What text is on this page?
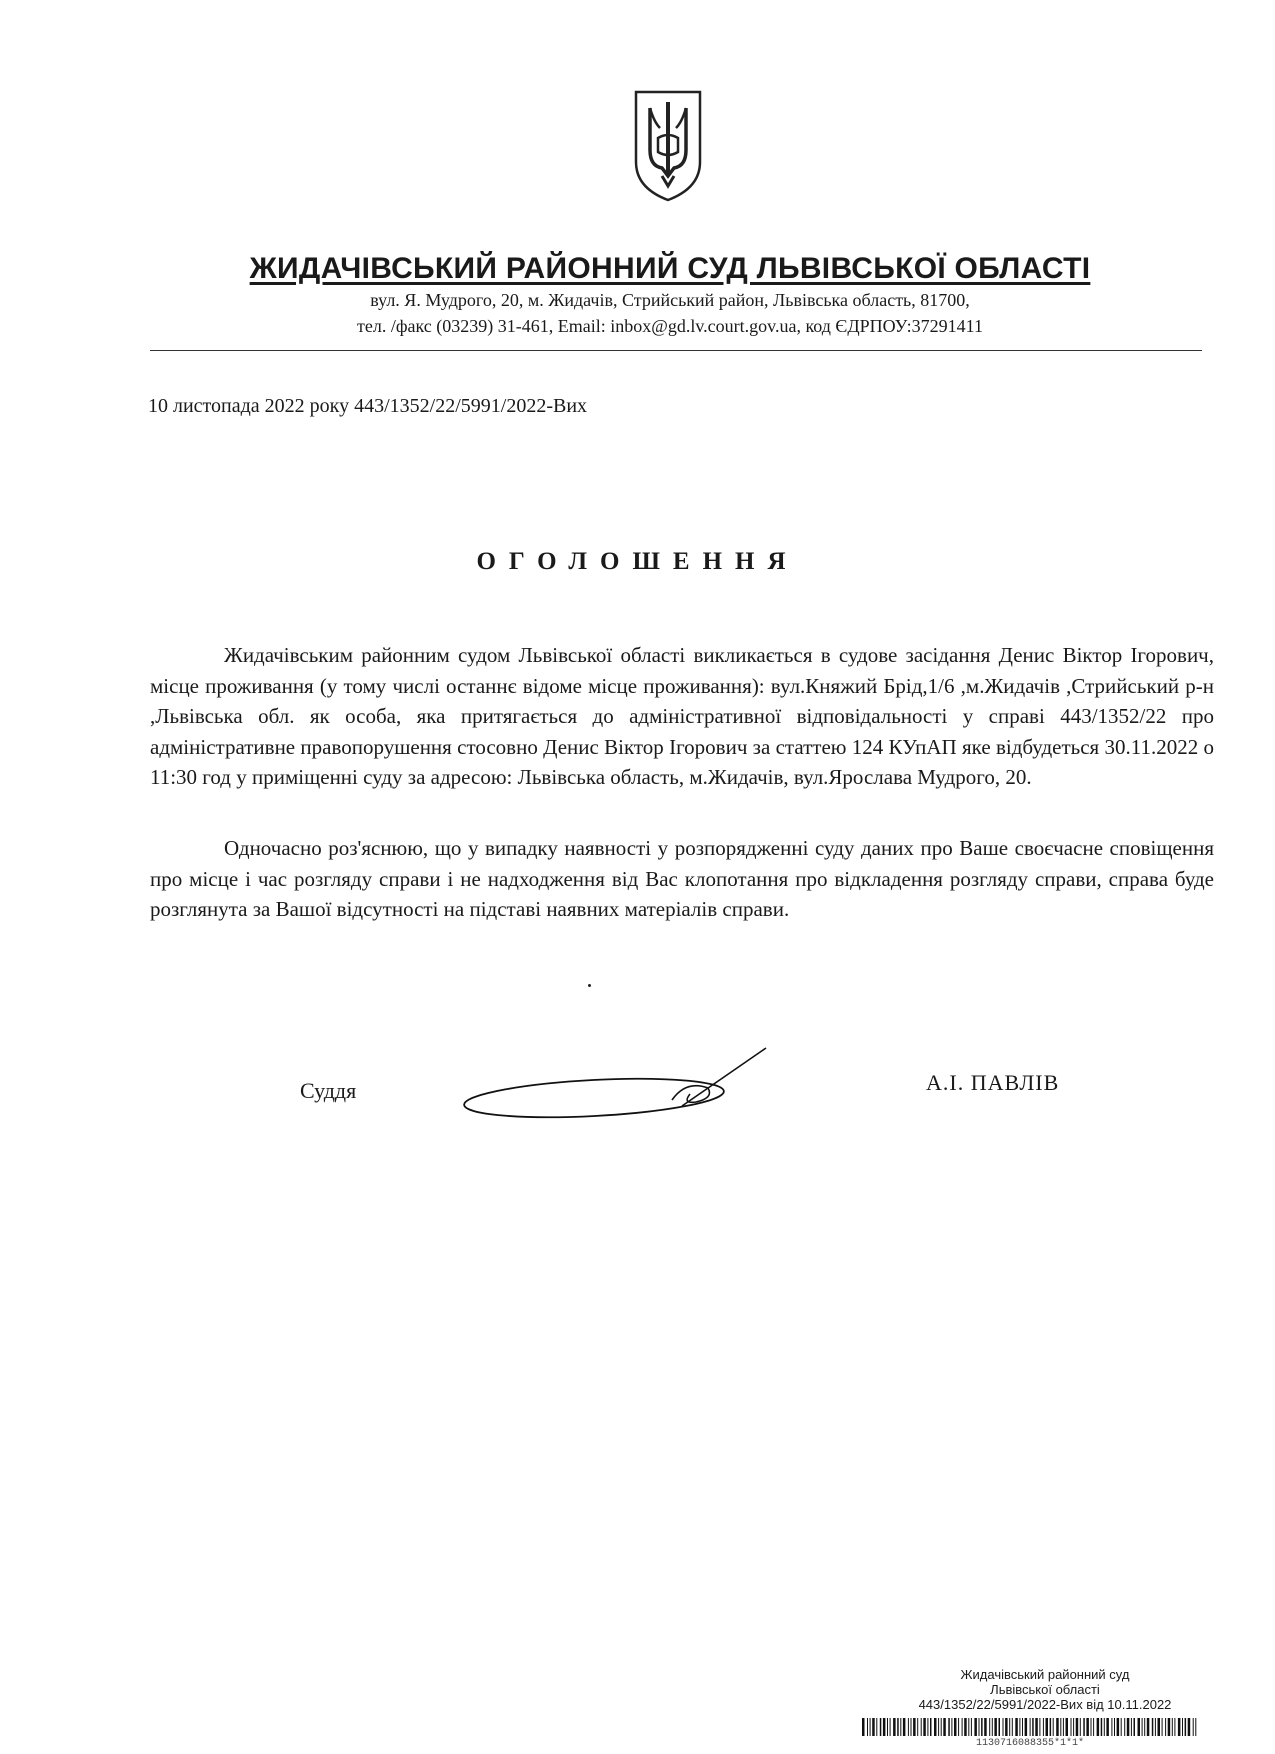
ЖИДАЧІВСЬКИЙ РАЙОННИЙ СУД ЛЬВІВСЬКОЇ ОБЛАСТІ
вул. Я. Мудрого, 20, м. Жидачів, Стрийський район, Львівська область, 81700,
тел. /факс (03239) 31-461, Email: inbox@gd.lv.court.gov.ua, код ЄДРПОУ:37291411
10 листопада 2022 року 443/1352/22/5991/2022-Вих
ОГОЛОШЕННЯ

Жидачівським районним судом Львівської області викликається в судове засідання Денис Віктор Ігорович, місце проживання (у тому числі останнє відоме місце проживання): вул.Княжий Брід,1/6 ,м.Жидачів ,Стрийський р-н ,Львівська обл. як особа, яка притягається до адміністративної відповідальності у справі 443/1352/22 про адміністративне правопорушення стосовно Денис Віктор Ігорович за статтею 124 КУпАП яке відбудеться 30.11.2022 о 11:30 год у приміщенні суду за адресою: Львівська область, м.Жидачів, вул.Ярослава Мудрого, 20.

Одночасно роз'яснюю, що у випадку наявності у розпорядженні суду даних про Ваше своєчасне сповіщення про місце і час розгляду справи і не надходження від Вас клопотання про відкладення розгляду справи, справа буде розглянута за Вашої відсутності на підставі наявних матеріалів справи.

Суддя	А.І. ПАВЛІВ
Жидачівський районний суд
Львівської області
443/1352/22/5991/2022-Вих від 10.11.2022
1130716088355*1*1*
